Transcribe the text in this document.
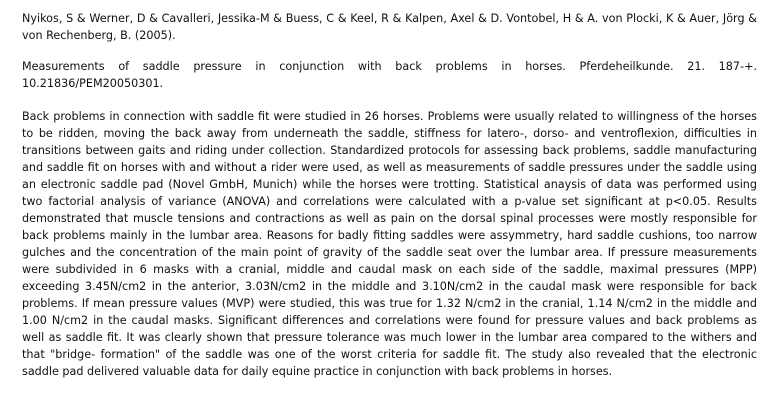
Nyikos, S & Werner, D & Cavalleri, Jessika-M & Buess, C & Keel, R & Kalpen, Axel & D. Vontobel, H & A. von Plocki, K & Auer, Jörg & von Rechenberg, B. (2005).

Measurements of saddle pressure in conjunction with back problems in horses. Pferdeheilkunde. 21. 187-+. 10.21836/PEM20050301.

Back problems in connection with saddle fit were studied in 26 horses. Problems were usually related to willingness of the horses to be ridden, moving the back away from underneath the saddle, stiffness for latero-, dorso- and ventroflexion, difficulties in transitions between gaits and riding under collection. Standardized protocols for assessing back problems, saddle manufacturing and saddle fit on horses with and without a rider were used, as well as measurements of saddle pressures under the saddle using an electronic saddle pad (Novel GmbH, Munich) while the horses were trotting. Statistical anaysis of data was performed using two factorial analysis of variance (ANOVA) and correlations were calculated with a p-value set significant at p<0.05. Results demonstrated that muscle tensions and contractions as well as pain on the dorsal spinal processes were mostly responsible for back problems mainly in the lumbar area. Reasons for badly fitting saddles were assymmetry, hard saddle cushions, too narrow gulches and the concentration of the main point of gravity of the saddle seat over the lumbar area. If pressure measurements were subdivided in 6 masks with a cranial, middle and caudal mask on each side of the saddle, maximal pressures (MPP) exceeding 3.45N/cm2 in the anterior, 3.03N/cm2 in the middle and 3.10N/cm2 in the caudal mask were responsible for back problems. If mean pressure values (MVP) were studied, this was true for 1.32 N/cm2 in the cranial, 1.14 N/cm2 in the middle and 1.00 N/cm2 in the caudal masks. Significant differences and correlations were found for pressure values and back problems as well as saddle fit. It was clearly shown that pressure tolerance was much lower in the lumbar area compared to the withers and that "bridge- formation" of the saddle was one of the worst criteria for saddle fit. The study also revealed that the electronic saddle pad delivered valuable data for daily equine practice in conjunction with back problems in horses.
